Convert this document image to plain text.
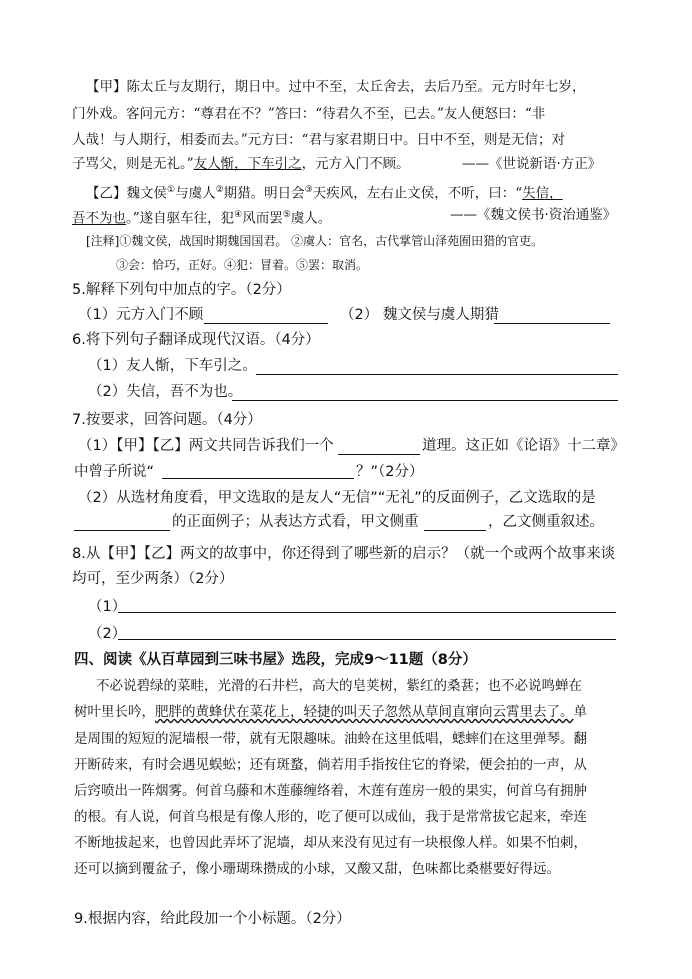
【甲】陈太丘与友期行，期日中。过中不至，太丘舍去，去后乃至。元方时年七岁，
门外戏。客问元方：“尊君在不？”答曰：“待君久不至，已去。”友人便怒曰：“非
人哉！与人期行，相委而去。”元方曰：“君与家君期日中。日中不至，则是无信；对
子骂父，则是无礼。”友人惭，下车引之，元方入门不顾。	——《世说新语·方正》
【乙】魏文侯①与虞人②期猎。明日会③天疾风，左右止文侯，不听，曰：“失信，
吾不为也。”遂自驱车往，犯④风而罢⑤虞人。	——《魏文侯书·资治通鉴》
[注释]①魏文侯，战国时期魏国国君。 ②虞人：官名，古代掌管山泽苑囿田猎的官吏。
③会：恰巧，正好。④犯：冒着。⑤罢：取消。
5.解释下列句中加点的字。（2分）
（1）元方入门不顾	（2） 魏文侯与虞人期猎
6.将下列句子翻译成现代汉语。（4分）
（1）友人惭，下车引之。
（2）失信，吾不为也。
7.按要求，回答问题。（4分）
（1）【甲】【乙】两文共同告诉我们一个	道理。这正如《论语》十二章》
中曾子所说“	？”（2分）
（2）从选材角度看，甲文选取的是友人“无信”“无礼”的反面例子，乙文选取的是
的正面例子；从表达方式看，甲文侧重	，乙文侧重叙述。
8.从【甲】【乙】两文的故事中，你还得到了哪些新的启示？（就一个或两个故事来谈
均可，至少两条）（2分）
（1）
（2）
四、阅读《从百草园到三味书屋》选段，完成9～11题（8分）
不必说碧绿的菜畦，光滑的石井栏，高大的皂荚树，紫红的桑葚；也不必说鸣蝉在
树叶里长吟，肥胖的黄蜂伏在菜花上，轻捷的叫天子忽然从草间直窜向云霄里去了。单
是周围的短短的泥墙根一带，就有无限趣味。油蛉在这里低唱，蟋蟀们在这里弹琴。翻
开断砖来，有时会遇见蜈蚣；还有斑蝥，倘若用手指按住它的脊梁，便会拍的一声，从
后窍喷出一阵烟雾。何首乌藤和木莲藤缠络着，木莲有莲房一般的果实，何首乌有拥肿
的根。有人说，何首乌根是有像人形的，吃了便可以成仙，我于是常常拔它起来，牵连
不断地拔起来，也曾因此弄坏了泥墙，却从来没有见过有一块根像人样。如果不怕刺，
还可以摘到覆盆子，像小珊瑚珠攒成的小球，又酸又甜，色味都比桑椹要好得远。
9.根据内容，给此段加一个小标题。（2分）
